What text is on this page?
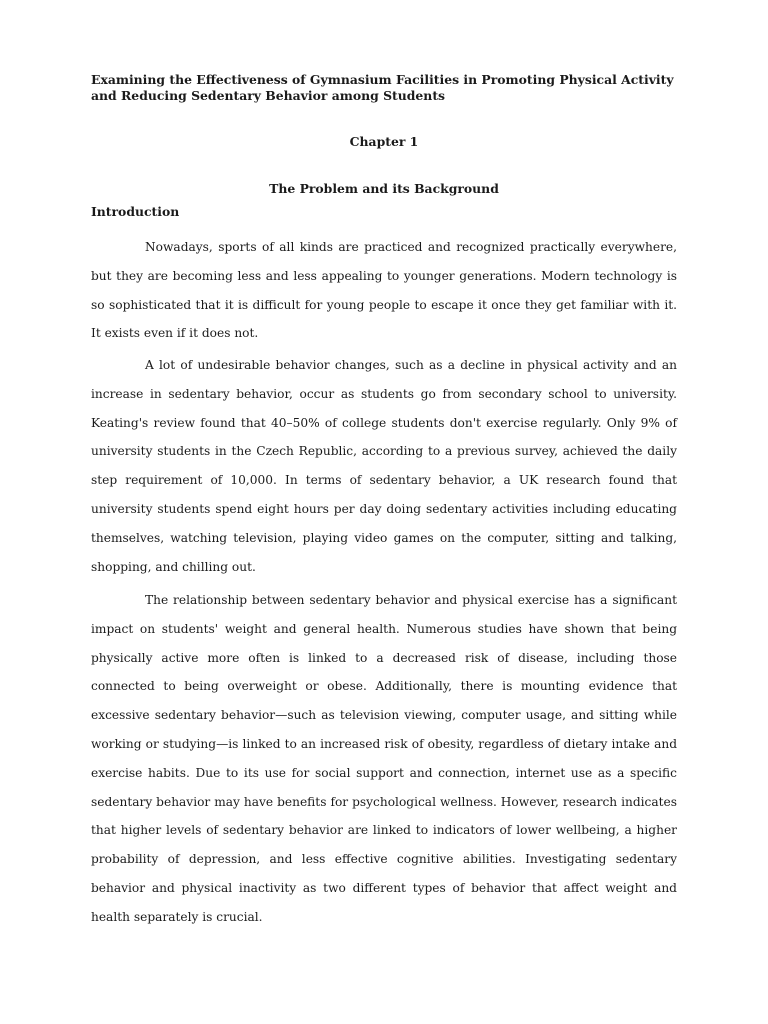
Examining the Effectiveness of Gymnasium Facilities in Promoting Physical Activity and Reducing Sedentary Behavior among Students

Chapter 1

The Problem and its Background

Introduction

Nowadays, sports of all kinds are practiced and recognized practically everywhere, but they are becoming less and less appealing to younger generations. Modern technology is so sophisticated that it is difficult for young people to escape it once they get familiar with it. It exists even if it does not.

A lot of undesirable behavior changes, such as a decline in physical activity and an increase in sedentary behavior, occur as students go from secondary school to university. Keating's review found that 40–50% of college students don't exercise regularly. Only 9% of university students in the Czech Republic, according to a previous survey, achieved the daily step requirement of 10,000. In terms of sedentary behavior, a UK research found that university students spend eight hours per day doing sedentary activities including educating themselves, watching television, playing video games on the computer, sitting and talking, shopping, and chilling out.

The relationship between sedentary behavior and physical exercise has a significant impact on students' weight and general health. Numerous studies have shown that being physically active more often is linked to a decreased risk of disease, including those connected to being overweight or obese. Additionally, there is mounting evidence that excessive sedentary behavior—such as television viewing, computer usage, and sitting while working or studying—is linked to an increased risk of obesity, regardless of dietary intake and exercise habits. Due to its use for social support and connection, internet use as a specific sedentary behavior may have benefits for psychological wellness. However, research indicates that higher levels of sedentary behavior are linked to indicators of lower wellbeing, a higher probability of depression, and less effective cognitive abilities. Investigating sedentary behavior and physical inactivity as two different types of behavior that affect weight and health separately is crucial.
